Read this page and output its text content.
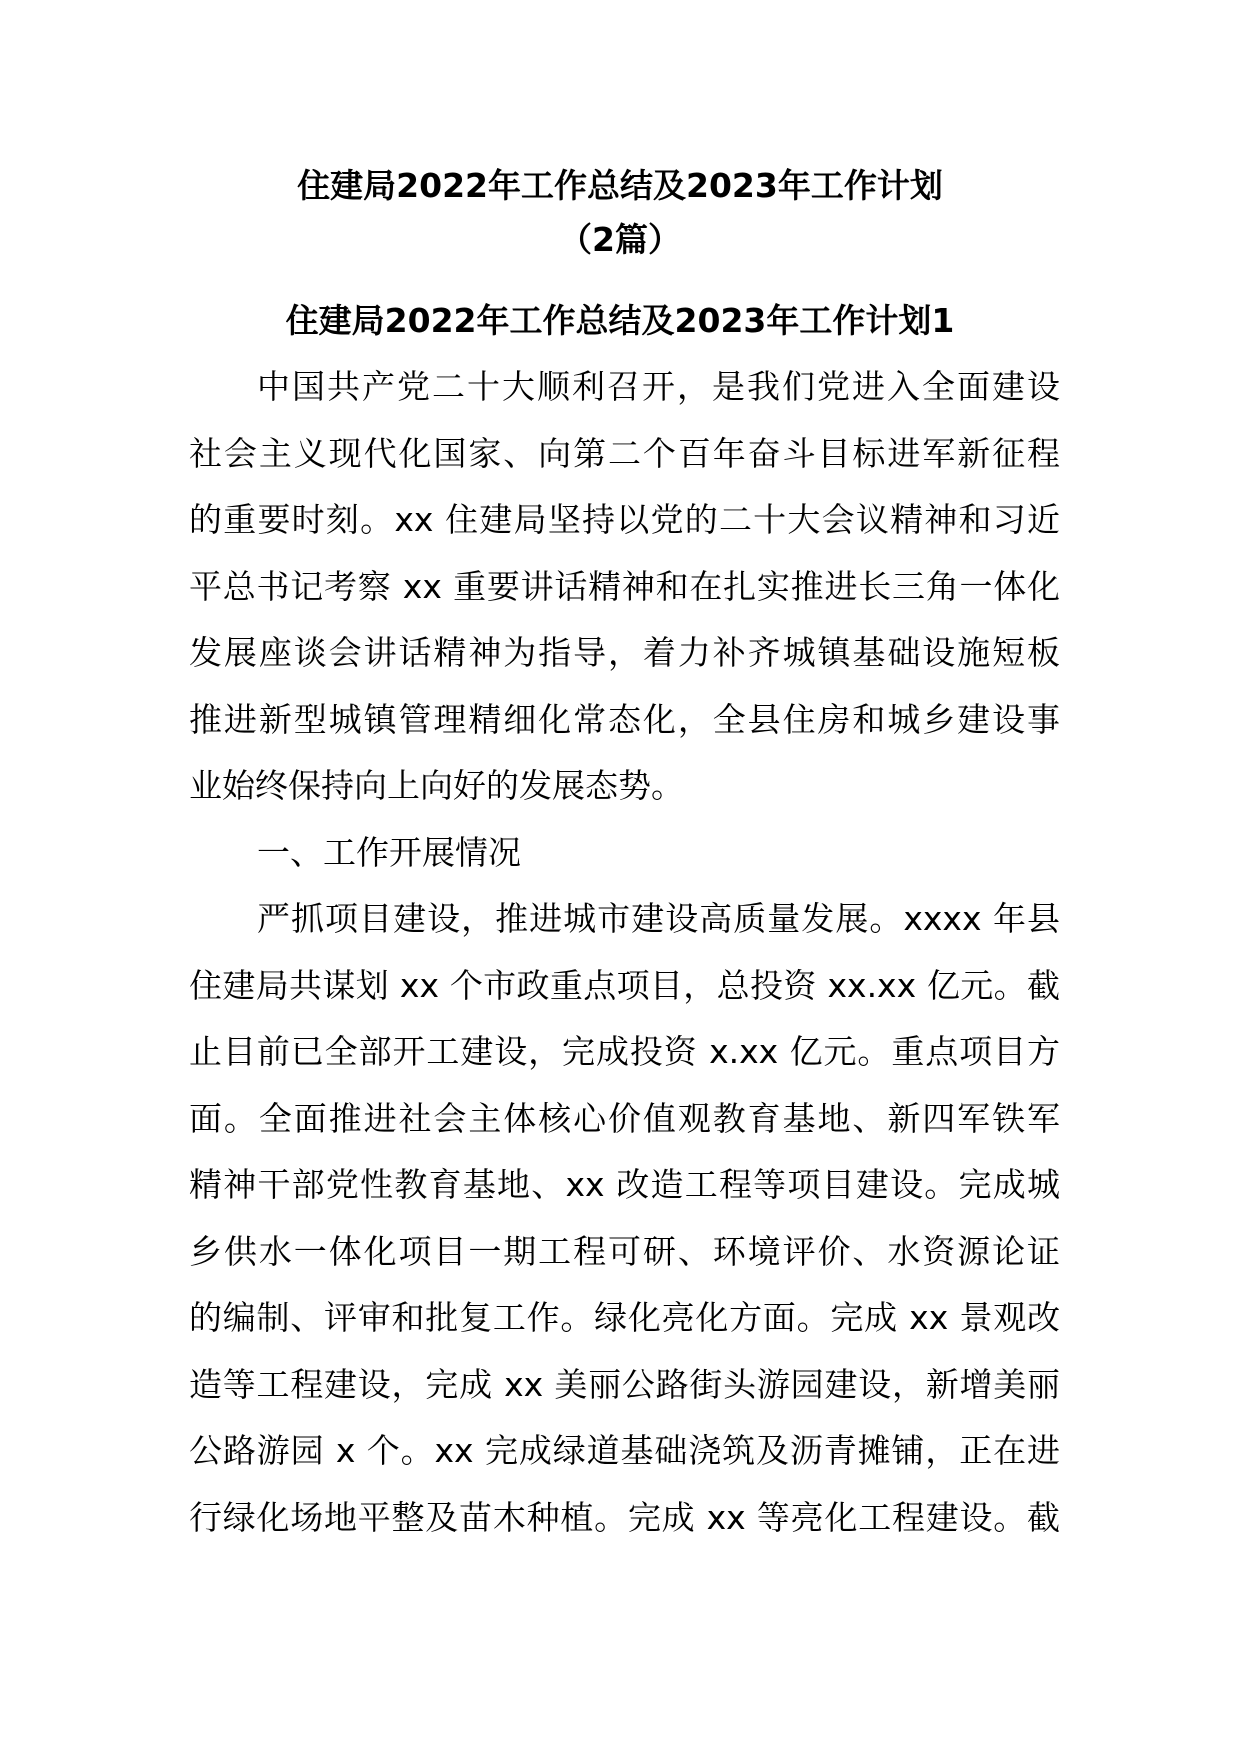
住建局2022年工作总结及2023年工作计划
（2篇）
住建局2022年工作总结及2023年工作计划1
中国共产党二十大顺利召开，是我们党进入全面建设
社会主义现代化国家、向第二个百年奋斗目标进军新征程
的重要时刻。xx 住建局坚持以党的二十大会议精神和习近
平总书记考察 xx 重要讲话精神和在扎实推进长三角一体化
发展座谈会讲话精神为指导，着力补齐城镇基础设施短板
推进新型城镇管理精细化常态化，全县住房和城乡建设事
业始终保持向上向好的发展态势。
一、工作开展情况
严抓项目建设，推进城市建设高质量发展。xxxx 年县
住建局共谋划 xx 个市政重点项目，总投资 xx.xx 亿元。截
止目前已全部开工建设，完成投资 x.xx 亿元。重点项目方
面。全面推进社会主体核心价值观教育基地、新四军铁军
精神干部党性教育基地、xx 改造工程等项目建设。完成城
乡供水一体化项目一期工程可研、环境评价、水资源论证
的编制、评审和批复工作。绿化亮化方面。完成 xx 景观改
造等工程建设，完成 xx 美丽公路街头游园建设，新增美丽
公路游园 x 个。xx 完成绿道基础浇筑及沥青摊铺，正在进
行绿化场地平整及苗木种植。完成 xx 等亮化工程建设。截
